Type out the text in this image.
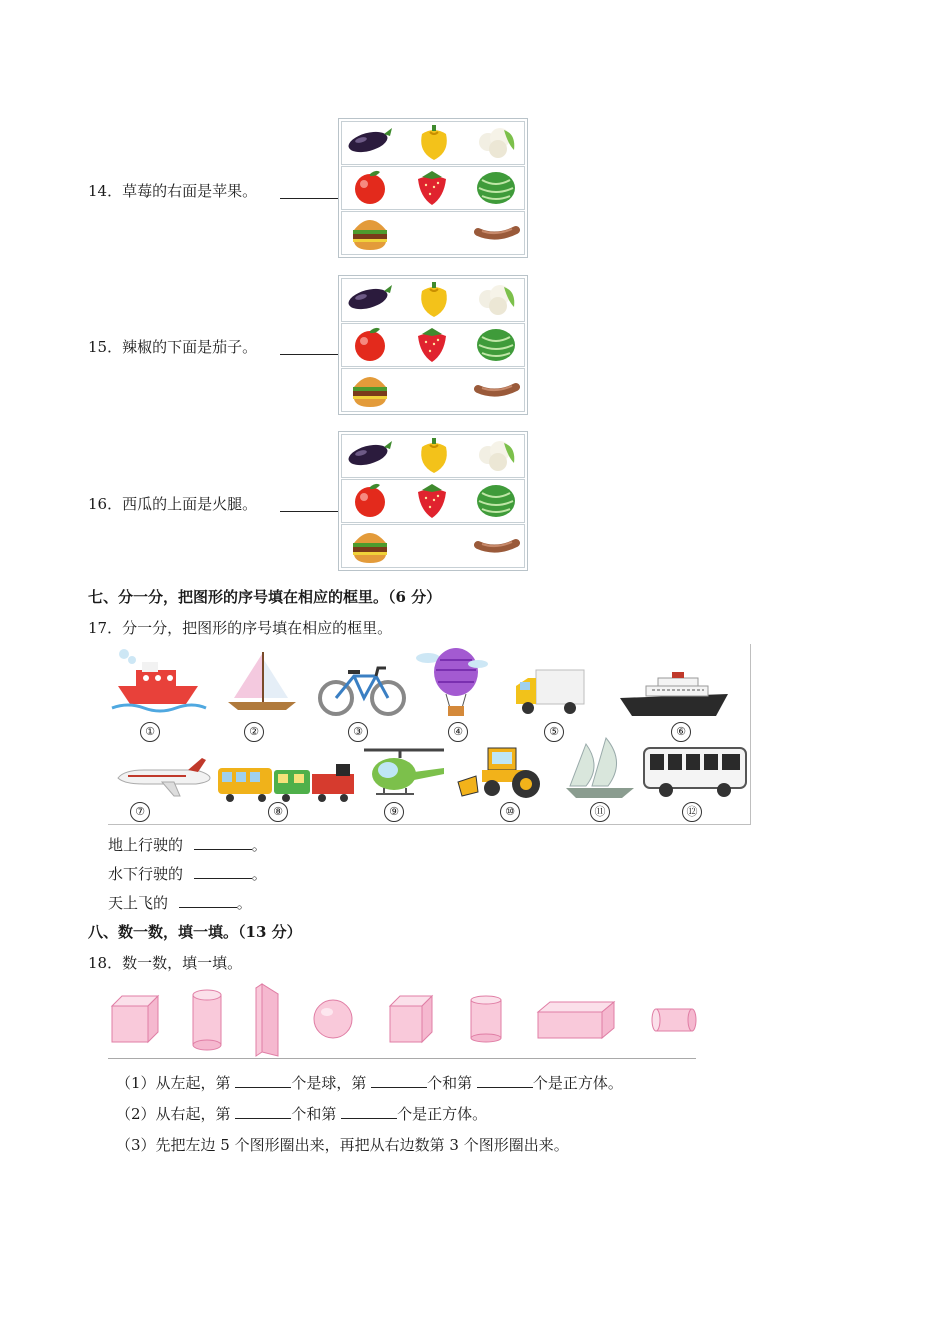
14．草莓的右面是苹果。
15．辣椒的下面是茄子。
16．西瓜的上面是火腿。
七、分一分，把图形的序号填在相应的框里。（6 分）
17．分一分，把图形的序号填在相应的框里。
①	②	③	④	⑤	⑥
⑦	⑧	⑨	⑩	⑪	⑫
地上行驶的	。
水下行驶的	。
天上飞的	。
八、数一数，填一填。（13 分）
18．数一数，填一填。
（1）从左起，第	个是球，第	个和第	个是正方体。
（2）从右起，第	个和第	个是正方体。
（3）先把左边 5 个图形圈出来，再把从右边数第 3 个图形圈出来。
